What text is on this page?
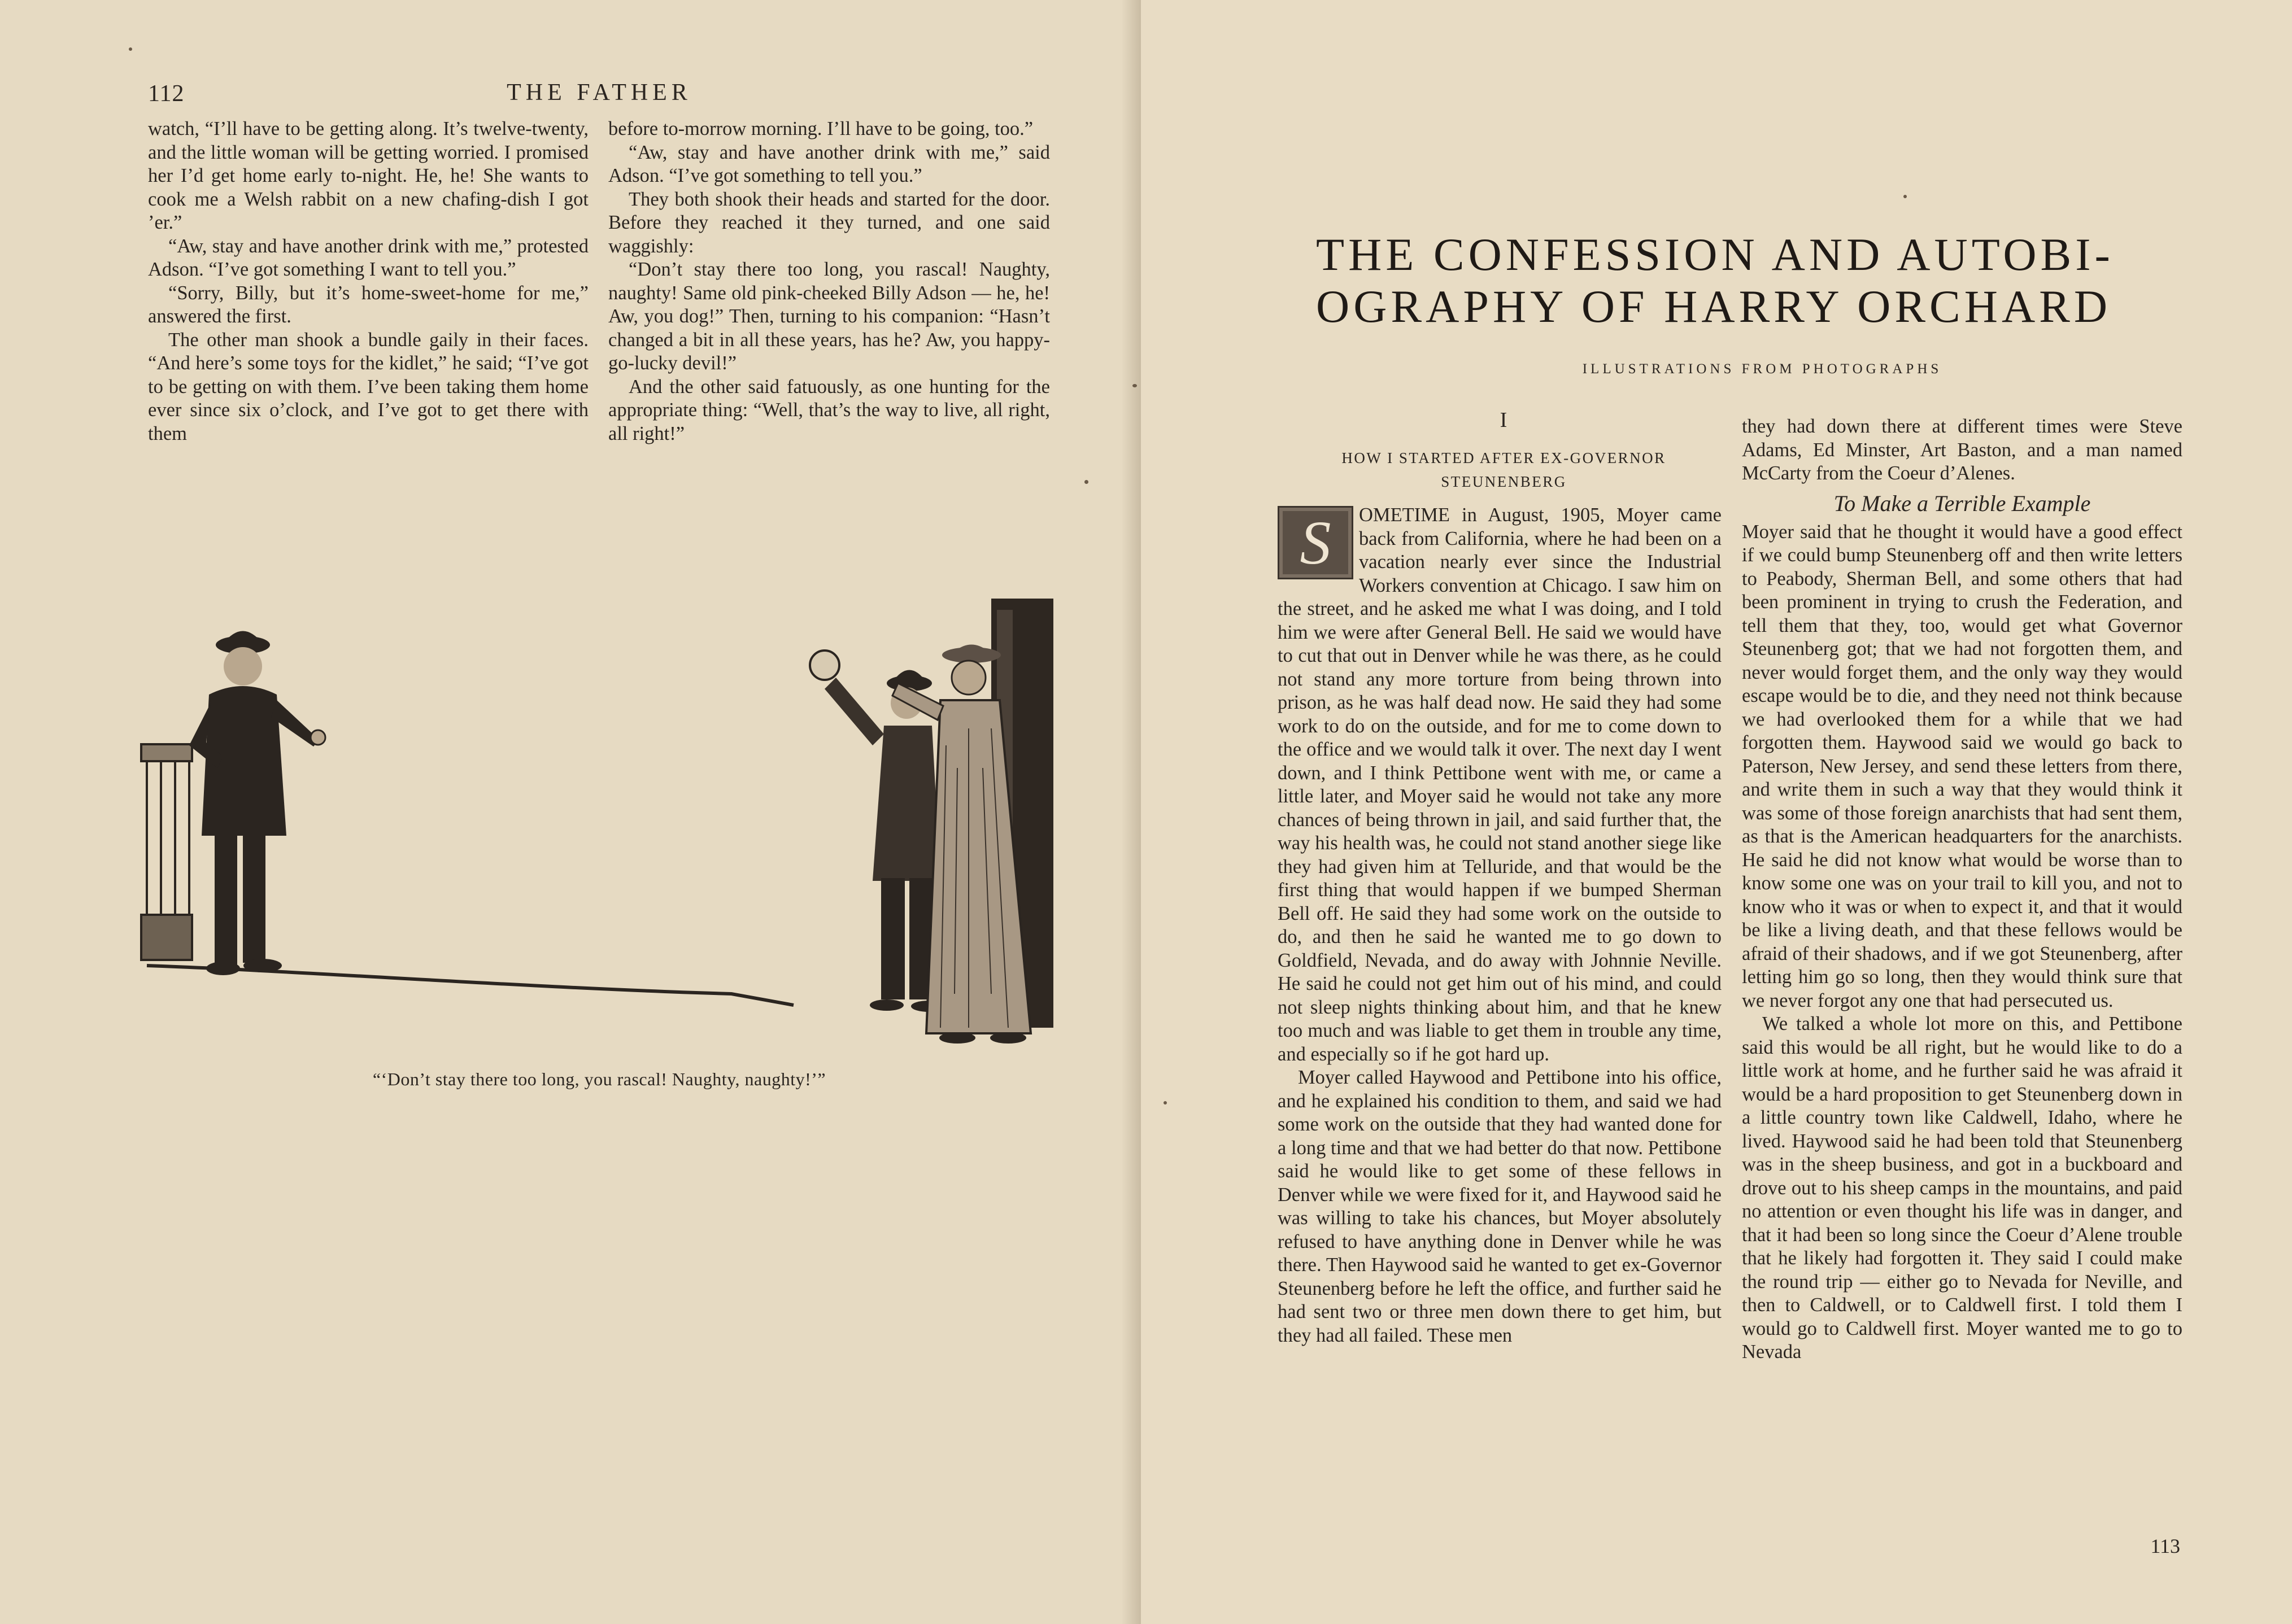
112	THE FATHER

watch, “I’ll have to be getting along. It’s twelve-twenty, and the little woman will be getting worried. I promised her I’d get home early to-night. He, he! She wants to cook me a Welsh rabbit on a new chafing-dish I got ’er.”

“Aw, stay and have another drink with me,” protested Adson. “I’ve got something I want to tell you.”

“Sorry, Billy, but it’s home-sweet-home for me,” answered the first.

The other man shook a bundle gaily in their faces. “And here’s some toys for the kidlet,” he said; “I’ve got to be getting on with them. I’ve been taking them home ever since six o’clock, and I’ve got to get there with them

before to-morrow morning. I’ll have to be going, too.”

“Aw, stay and have another drink with me,” said Adson. “I’ve got something to tell you.”

They both shook their heads and started for the door. Before they reached it they turned, and one said waggishly:

“Don’t stay there too long, you rascal! Naughty, naughty! Same old pink-cheeked Billy Adson — he, he! Aw, you dog!” Then, turning to his companion: “Hasn’t changed a bit in all these years, has he? Aw, you happy-go-lucky devil!”

And the other said fatuously, as one hunting for the appropriate thing: “Well, that’s the way to live, all right, all right!”

“‘Don’t stay there too long, you rascal! Naughty, naughty!’”
THE CONFESSION AND AUTOBI-
OGRAPHY OF HARRY ORCHARD
ILLUSTRATIONS FROM PHOTOGRAPHS
I
HOW I STARTED AFTER EX-GOVERNOR STEUNENBERG

S	OMETIME in August, 1905, Moyer came back from California, where he had been on a vacation nearly ever since the Industrial Workers convention at Chicago. I saw him on the street, and he asked me what I was doing, and I told him we were after General Bell. He said we would have to cut that out in Denver while he was there, as he could not stand any more torture from being thrown into prison, as he was half dead now. He said they had some work to do on the outside, and for me to come down to the office and we would talk it over. The next day I went down, and I think Pettibone went with me, or came a little later, and Moyer said he would not take any more chances of being thrown in jail, and said further that, the way his health was, he could not stand another siege like they had given him at Telluride, and that would be the first thing that would happen if we bumped Sherman Bell off. He said they had some work on the outside to do, and then he said he wanted me to go down to Goldfield, Nevada, and do away with Johnnie Neville. He said he could not get him out of his mind, and could not sleep nights thinking about him, and that he knew too much and was liable to get them in trouble any time, and especially so if he got hard up.

Moyer called Haywood and Pettibone into his office, and he explained his condition to them, and said we had some work on the outside that they had wanted done for a long time and that we had better do that now. Pettibone said he would like to get some of these fellows in Denver while we were fixed for it, and Haywood said he was willing to take his chances, but Moyer absolutely refused to have anything done in Denver while he was there. Then Haywood said he wanted to get ex-Governor Steunenberg before he left the office, and further said he had sent two or three men down there to get him, but they had all failed. These men

they had down there at different times were Steve Adams, Ed Minster, Art Baston, and a man named McCarty from the Coeur d’Alenes.

To Make a Terrible Example

Moyer said that he thought it would have a good effect if we could bump Steunenberg off and then write letters to Peabody, Sherman Bell, and some others that had been prominent in trying to crush the Federation, and tell them that they, too, would get what Governor Steunenberg got; that we had not forgotten them, and never would forget them, and the only way they would escape would be to die, and they need not think because we had overlooked them for a while that we had forgotten them. Haywood said we would go back to Paterson, New Jersey, and send these letters from there, and write them in such a way that they would think it was some of those foreign anarchists that had sent them, as that is the American headquarters for the anarchists. He said he did not know what would be worse than to know some one was on your trail to kill you, and not to know who it was or when to expect it, and that it would be like a living death, and that these fellows would be afraid of their shadows, and if we got Steunenberg, after letting him go so long, then they would think sure that we never forgot any one that had persecuted us.

We talked a whole lot more on this, and Pettibone said this would be all right, but he would like to do a little work at home, and he further said he was afraid it would be a hard proposition to get Steunenberg down in a little country town like Caldwell, Idaho, where he lived. Haywood said he had been told that Steunenberg was in the sheep business, and got in a buckboard and drove out to his sheep camps in the mountains, and paid no attention or even thought his life was in danger, and that it had been so long since the Coeur d’Alene trouble that he likely had forgotten it. They said I could make the round trip — either go to Nevada for Neville, and then to Caldwell, or to Caldwell first. I told them I would go to Caldwell first. Moyer wanted me to go to Nevada

113
